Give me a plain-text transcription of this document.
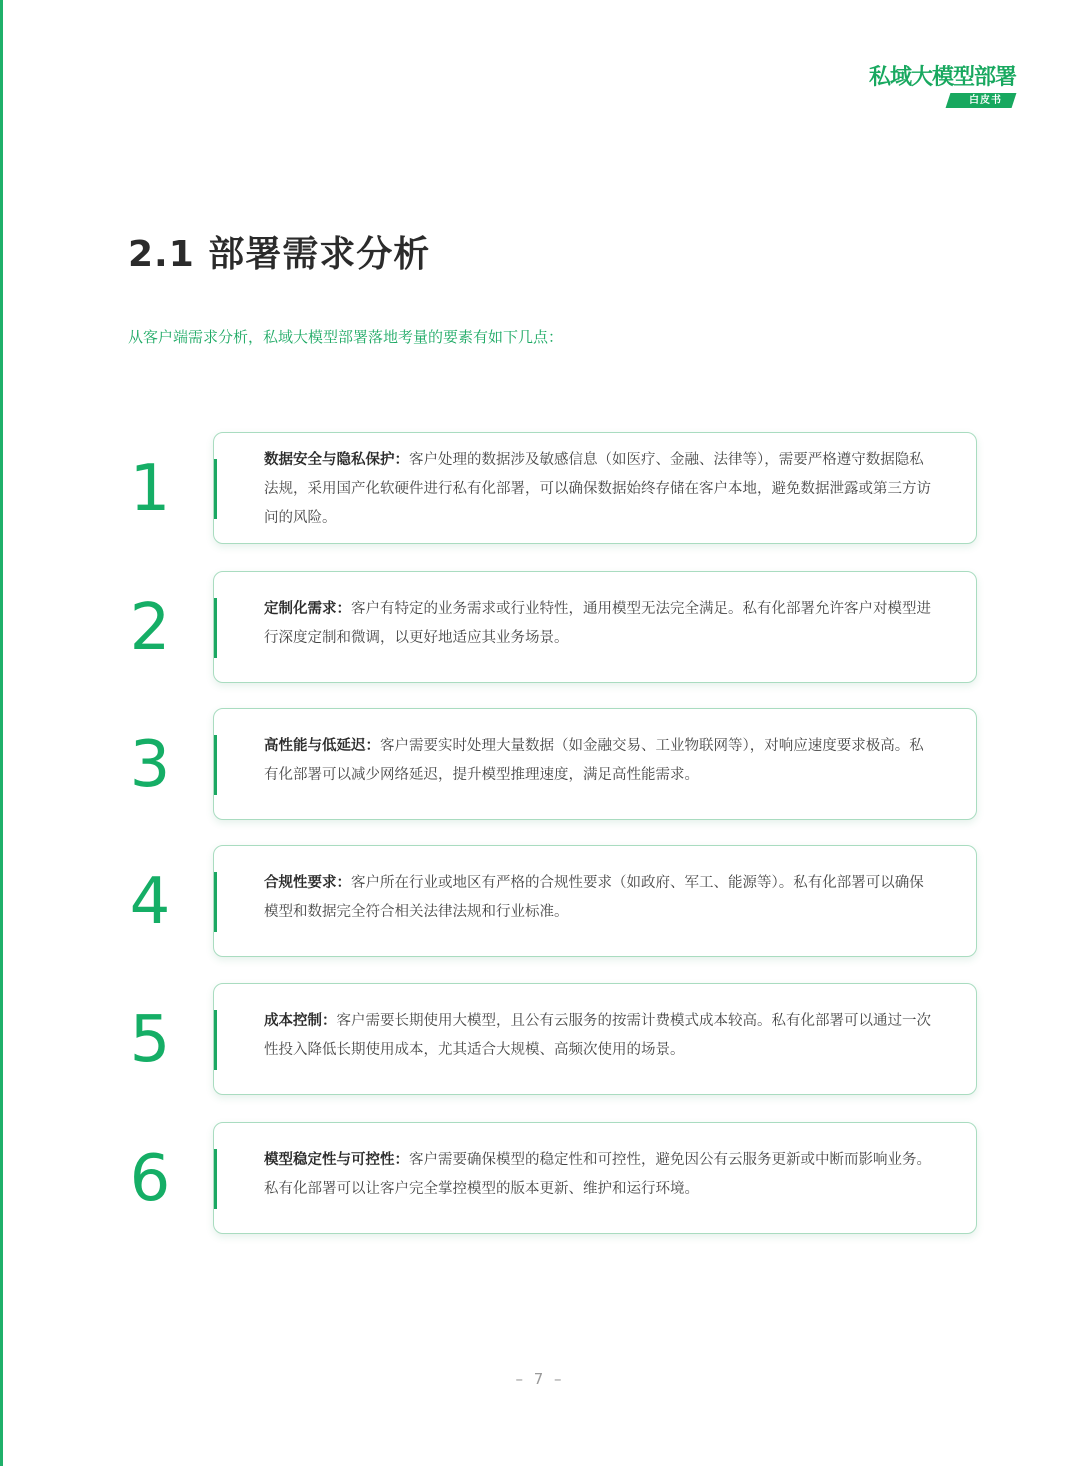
私域大模型部署
白皮书
2.1 部署需求分析

从客户端需求分析，私域大模型部署落地考量的要素有如下几点：

1	数据安全与隐私保护：客户处理的数据涉及敏感信息（如医疗、金融、法律等），需要严格遵守数据隐私法规，采用国产化软硬件进行私有化部署，可以确保数据始终存储在客户本地，避免数据泄露或第三方访问的风险。

2	定制化需求：客户有特定的业务需求或行业特性，通用模型无法完全满足。私有化部署允许客户对模型进行深度定制和微调，以更好地适应其业务场景。

3	高性能与低延迟：客户需要实时处理大量数据（如金融交易、工业物联网等），对响应速度要求极高。私有化部署可以减少网络延迟，提升模型推理速度，满足高性能需求。

4	合规性要求：客户所在行业或地区有严格的合规性要求（如政府、军工、能源等）。私有化部署可以确保模型和数据完全符合相关法律法规和行业标准。

5	成本控制：客户需要长期使用大模型，且公有云服务的按需计费模式成本较高。私有化部署可以通过一次性投入降低长期使用成本，尤其适合大规模、高频次使用的场景。

6	模型稳定性与可控性：客户需要确保模型的稳定性和可控性，避免因公有云服务更新或中断而影响业务。私有化部署可以让客户完全掌控模型的版本更新、维护和运行环境。

– 7 –
